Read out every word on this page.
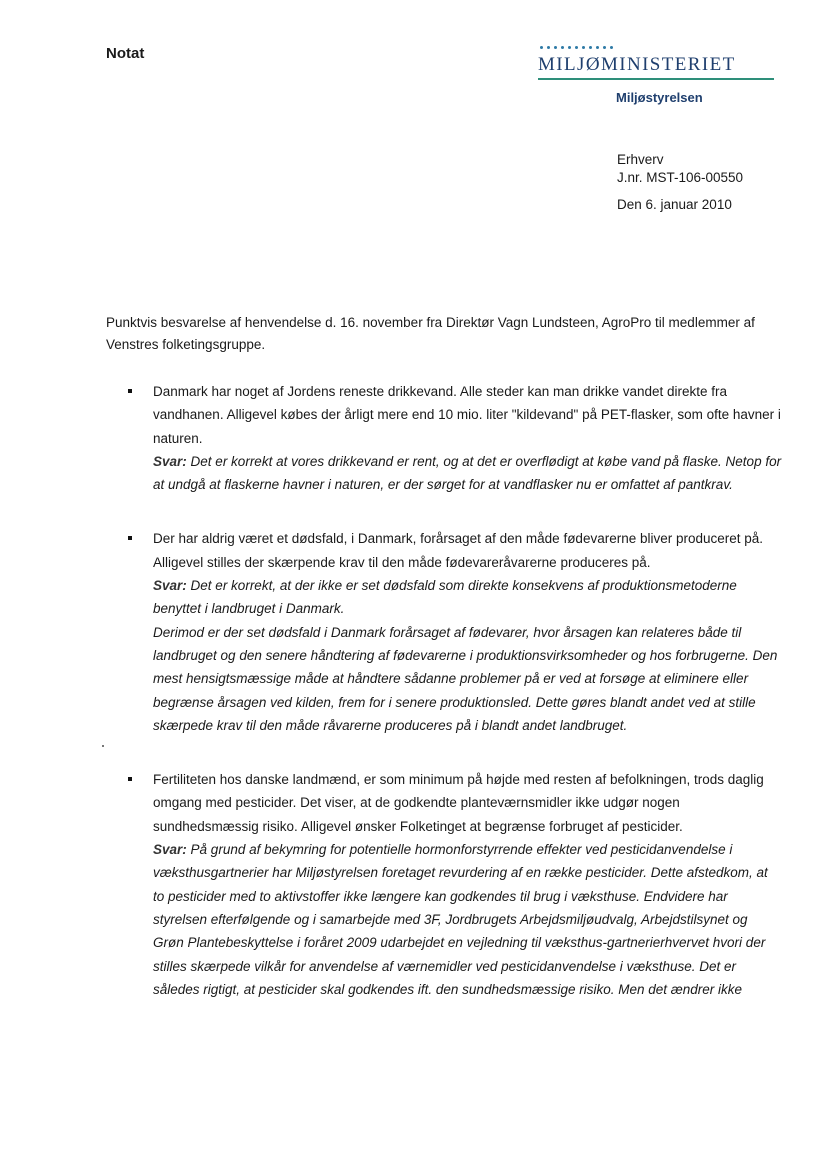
Notat
MILJØMINISTERIET
Miljøstyrelsen
Erhverv
J.nr. MST-106-00550
Den 6. januar 2010
Punktvis besvarelse af henvendelse d. 16. november fra Direktør Vagn Lundsteen, AgroPro til medlemmer af Venstres folketingsgruppe.
Danmark har noget af Jordens reneste drikkevand. Alle steder kan man drikke vandet direkte fra vandhanen. Alligevel købes der årligt mere end 10 mio. liter "kildevand" på PET-flasker, som ofte havner i naturen.
Svar: Det er korrekt at vores drikkevand er rent, og at det er overflødigt at købe vand på flaske. Netop for at undgå at flaskerne havner i naturen, er der sørget for at vandflasker nu er omfattet af pantkrav.
Der har aldrig været et dødsfald, i Danmark, forårsaget af den måde fødevarerne bliver produceret på. Alligevel stilles der skærpende krav til den måde fødevareråvarerne produceres på.
Svar: Det er korrekt, at der ikke er set dødsfald som direkte konsekvens af produktionsmetoderne benyttet i landbruget i Danmark.
Derimod er der set dødsfald i Danmark forårsaget af fødevarer, hvor årsagen kan relateres både til landbruget og den senere håndtering af fødevarerne i produktionsvirksomheder og hos forbrugerne. Den mest hensigtsmæssige måde at håndtere sådanne problemer på er ved at forsøge at eliminere eller begrænse årsagen ved kilden, frem for i senere produktionsled. Dette gøres blandt andet ved at stille skærpede krav til den måde råvarerne produceres på i blandt andet landbruget.
Fertiliteten hos danske landmænd, er som minimum på højde med resten af befolkningen, trods daglig omgang med pesticider. Det viser, at de godkendte planteværnsmidler ikke udgør nogen sundhedsmæssig risiko. Alligevel ønsker Folketinget at begrænse forbruget af pesticider.
Svar: På grund af bekymring for potentielle hormonforstyrrende effekter ved pesticidanvendelse i væksthusgartnerier har Miljøstyrelsen foretaget revurdering af en række pesticider. Dette afstedkom, at to pesticider med to aktivstoffer ikke længere kan godkendes til brug i væksthuse. Endvidere har styrelsen efterfølgende og i samarbejde med 3F, Jordbrugets Arbejdsmiljøudvalg, Arbejdstilsynet og Grøn Plantebeskyttelse i foråret 2009 udarbejdet en vejledning til væksthus-gartnerierhvervet hvori der stilles skærpede vilkår for anvendelse af værnemidler ved pesticidanvendelse i væksthuse. Det er således rigtigt, at pesticider skal godkendes ift. den sundhedsmæssige risiko. Men det ændrer ikke
